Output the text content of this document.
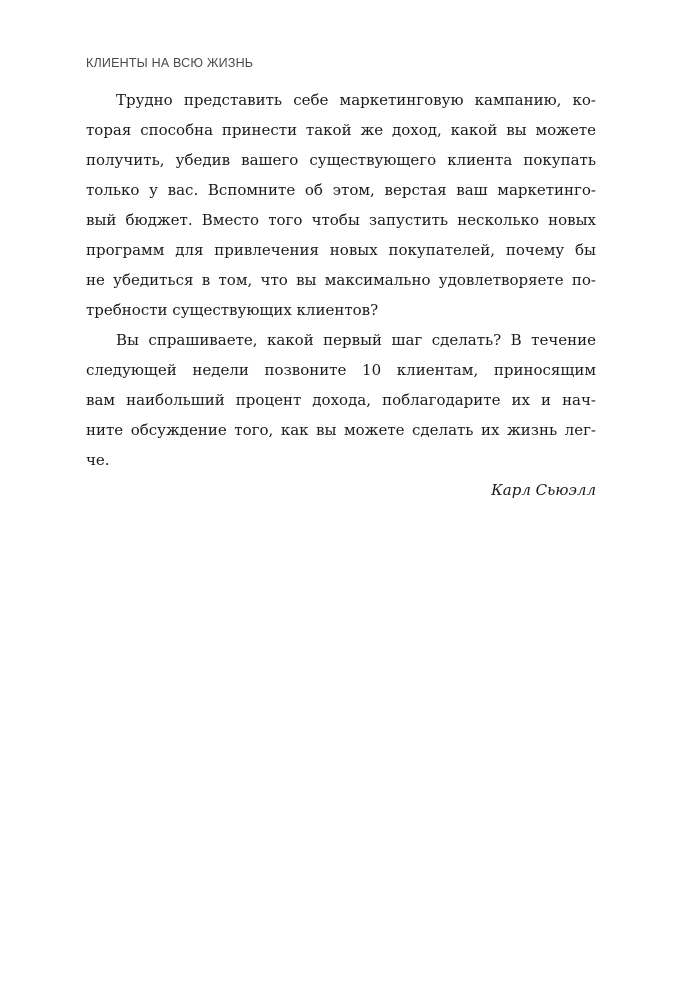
КЛИЕНТЫ НА ВСЮ ЖИЗНЬ
Трудно представить себе маркетинговую кампанию, ко-
торая способна принести такой же доход, какой вы можете
получить, убедив вашего существующего клиента покупать
только у вас. Вспомните об этом, верстая ваш маркетинго-
вый бюджет. Вместо того чтобы запустить несколько новых
программ для привлечения новых покупателей, почему бы
не убедиться в том, что вы максимально удовлетворяете по-
требности существующих клиентов?
Вы спрашиваете, какой первый шаг сделать? В течение
следующей недели позвоните 10 клиентам, приносящим
вам наибольший процент дохода, поблагодарите их и нач-
ните обсуждение того, как вы можете сделать их жизнь лег-
че.
Карл Сьюэлл
